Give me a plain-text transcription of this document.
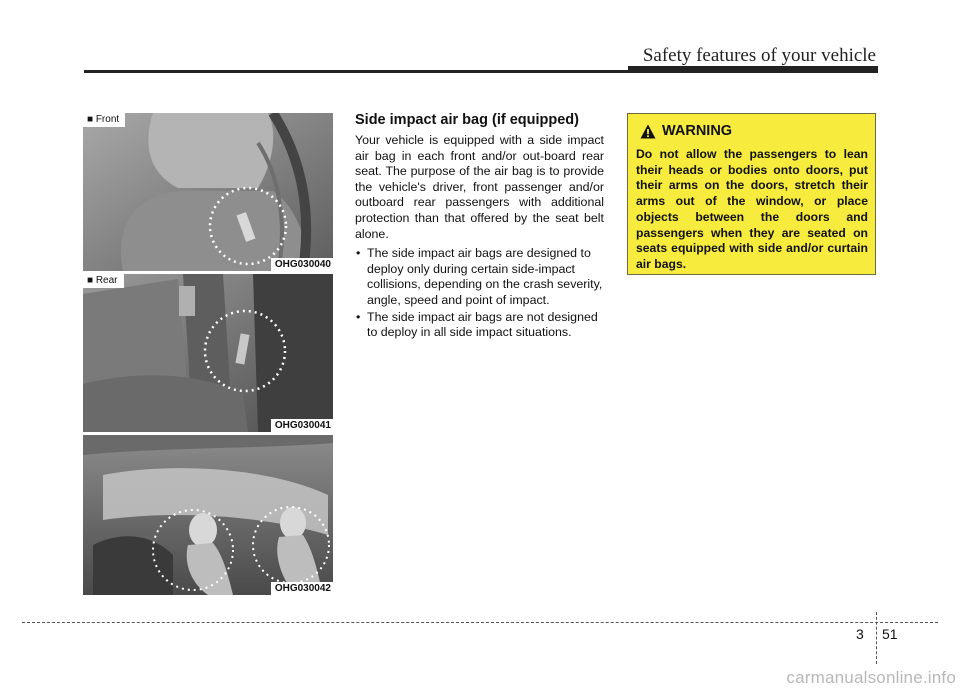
Safety features of your vehicle
■ Front
OHG030040
■ Rear
OHG030041
OHG030042
Side impact air bag (if equipped)

Your vehicle is equipped with a side impact air bag in each front and/or out-board rear seat. The purpose of the air bag is to provide the vehicle's driver, front passenger and/or outboard rear passengers with additional protection than that offered by the seat belt alone.

• The side impact air bags are designed to deploy only during certain side-impact collisions, depending on the crash severity, angle, speed and point of impact.
• The side impact air bags are not designed to deploy in all side impact situations.
WARNING
Do not allow the passengers to lean their heads or bodies onto doors, put their arms on the doors, stretch their arms out of the window, or place objects between the doors and passengers when they are seated on seats equipped with side and/or curtain air bags.
3 51
carmanualsonline.info
